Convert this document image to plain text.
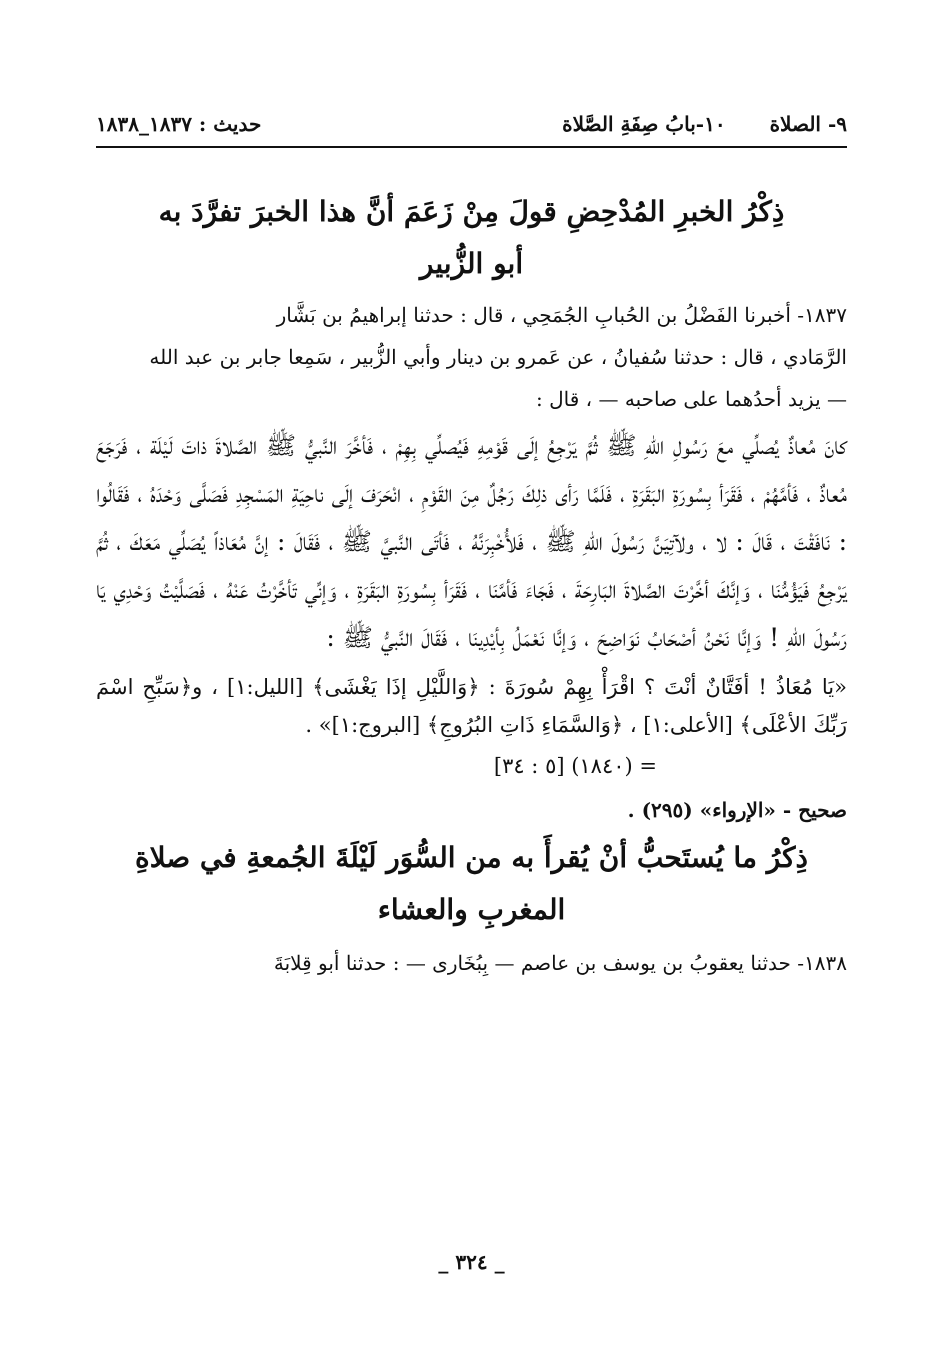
٩- الصلاة
١٠-بابُ صِفَةِ الصَّلاة
حديث : ١٨٣٧_١٨٣٨

ذِكْرُ الخبرِ المُدْحِضِ قولَ مِنْ زَعَمَ أنَّ هذا الخبرَ تفرَّدَ به

أبو الزُّبير

١٨٣٧- أخبرنا الفَضْلُ بن الحُبابِ الجُمَحِي ، قال : حدثنا إبراهيمُ بن بَشَّار

الرَّمَادي ، قال : حدثنا سُفيانُ ، عن عَمرو بن دينار وأبي الزُّبير ، سَمِعا جابر بن عبد الله

— يزيد أحدُهما على صاحبه — ، قال :

كانَ مُعاذٌ يُصلِّي معَ رَسُولِ اللهِ ﷺ ثُمَّ يَرْجِعُ إلَى قَوْمِهِ فَيُصلِّي بِهِمْ ، فَأخَّرَ النَّبيُّ ﷺ الصَّلاةَ ذاتَ لَيْلَة ، فَرَجَعَ مُعاذٌ ، فَأمَّهُمْ ، فَقَرَأ بِسُورَةِ البَقَرَةِ ، فَلَمَّا رَأى ذلِكَ رَجُلٌ مِنَ القَوْمِ ، انْحَرَفَ إلَى ناحِيَةِ المَسْجِدِ فَصَلَّى وَحْدَهُ ، فَقَالُوا : نَافَقْتَ ، قَالَ : لا ، ولآتِيَنَّ رَسُولَ اللهِ ﷺ ، فَلأُخْبِرَنَّهُ ، فَأتَى النَّبيَّ ﷺ ، فَقَالَ : إنَّ مُعَاذاً يُصَلِّي مَعَكَ ، ثُمَّ يَرْجِعُ فَيَؤُمُّنَا ، وَإنَّكَ أخَّرْتَ الصَّلاةَ البَارِحَةَ ، فَجَاءَ فَأمَّنَا ، فَقَرَأ بِسُورَةِ البَقَرَةِ ، وَإنِّي تَأخَّرْتُ عَنْهُ ، فَصَلَّيْتُ وَحْدِي يَا رَسُولَ اللهِ ! وَإنَّا نَحْنُ أصْحَابُ نَوَاضِحَ ، وَإنَّا نَعْمَلُ بِأيْدِينَا ، فَقَالَ النَّبيُّ ﷺ :

«يَا مُعَاذُ ! أفَتَّانٌ أنْتَ ؟ اقْرَأْ بِهِمْ سُورَةَ : ﴿وَاللَّيْلِ إذَا يَغْشَى﴾ [الليل:١] ، و﴿سَبِّحِ اسْمَ رَبِّكَ الأعْلَى﴾ [الأعلى:١] ، ﴿وَالسَّمَاءِ ذَاتِ البُرُوجِ﴾ [البروج:١]» .

= (١٨٤٠) [٥ : ٣٤]

صحيح - «الإرواء» (٢٩٥) .

ذِكْرُ ما يُستَحبُّ أنْ يُقرأَ به من السُّوَر لَيْلَةَ الجُمعةِ في صلاةِ

المغربِ والعشاء

١٨٣٨- حدثنا يعقوبُ بن يوسف بن عاصم — بِبُخَارى — : حدثنا أبو قِلابَةَ

_ ٣٢٤ _
